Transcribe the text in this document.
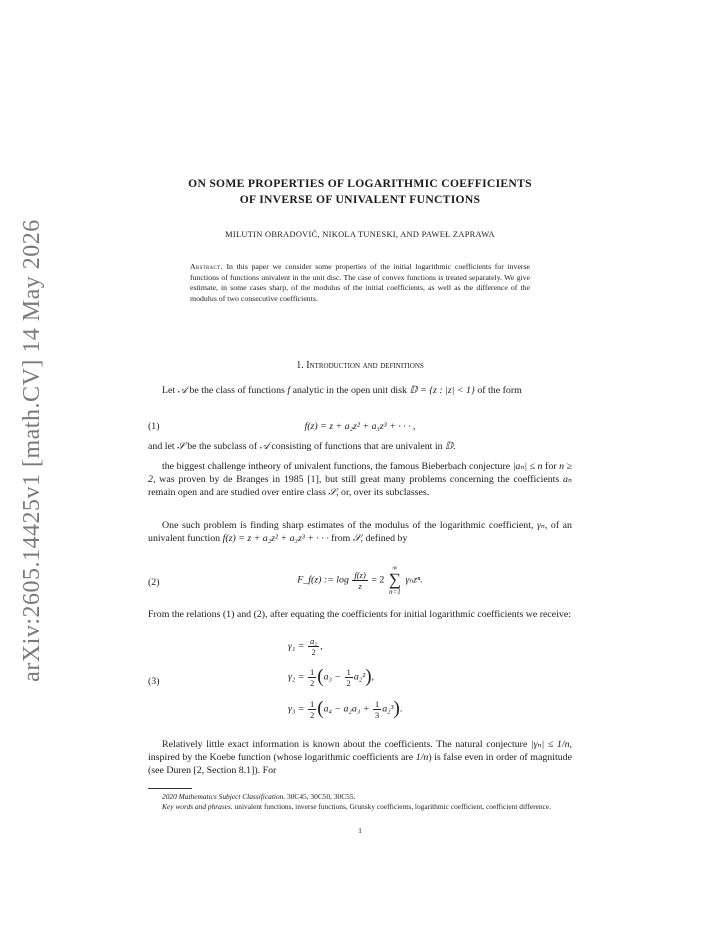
arXiv:2605.14425v1 [math.CV] 14 May 2026
ON SOME PROPERTIES OF LOGARITHMIC COEFFICIENTS
OF INVERSE OF UNIVALENT FUNCTIONS
MILUTIN OBRADOVIĆ, NIKOLA TUNESKI, AND PAWEŁ ZAPRAWA
Abstract. In this paper we consider some properties of the initial logarithmic coefficients for inverse functions of functions univalent in the unit disc. The case of convex functions is treated separately. We give estimate, in some cases sharp, of the modulus of the initial coefficients, as well as the difference of the modulus of two consecutive coefficients.
1. Introduction and definitions
Let 𝒜 be the class of functions f analytic in the open unit disk 𝔻 = {z : |z| < 1} of the form
(1)	f(z) = z + a₂z² + a₃z³ + · · · ,
and let 𝒮 be the subclass of 𝒜 consisting of functions that are univalent in 𝔻.
the biggest challenge intheory of univalent functions, the famous Bieberbach conjecture |aₙ| ≤ n for n ≥ 2, was proven by de Branges in 1985 [1], but still great many problems concerning the coefficients aₙ remain open and are studied over entire class 𝒮, or, over its subclasses.
One such problem is finding sharp estimates of the modulus of the logarithmic coefficient, γₙ, of an univalent function f(z) = z + a₂z² + a₃z³ + · · · from 𝒮, defined by
(2)	F_f(z) := $\log \frac{f(z)}{z} = 2$
∞
∑
n=1
γₙzⁿ.
From the relations (1) and (2), after equating the coefficients for initial logarithmic coefficients we receive:
(3)
$\gamma_1 = \frac{\text{a₂}}{2}$ ,
$\gamma_2 = \frac{1}{2} (a_3 - \frac{1}{2} a_2^2)$,
$\gamma_3 = \frac{1}{2} (a_4 - a_2a_3 + \frac{1}{3} a_2^3)$.
Relatively little exact information is known about the coefficients. The natural conjecture |γₙ| ≤ 1/n, inspired by the Koebe function (whose logarithmic coefficients are 1/n) is false even in order of magnitude (see Duren [2, Section 8.1]). For
2020 Mathematics Subject Classification. 30C45, 30C50, 30C55.
Key words and phrases. univalent functions, inverse functions, Grunsky coefficients, logarithmic coefficient, coefficient difference.
1
